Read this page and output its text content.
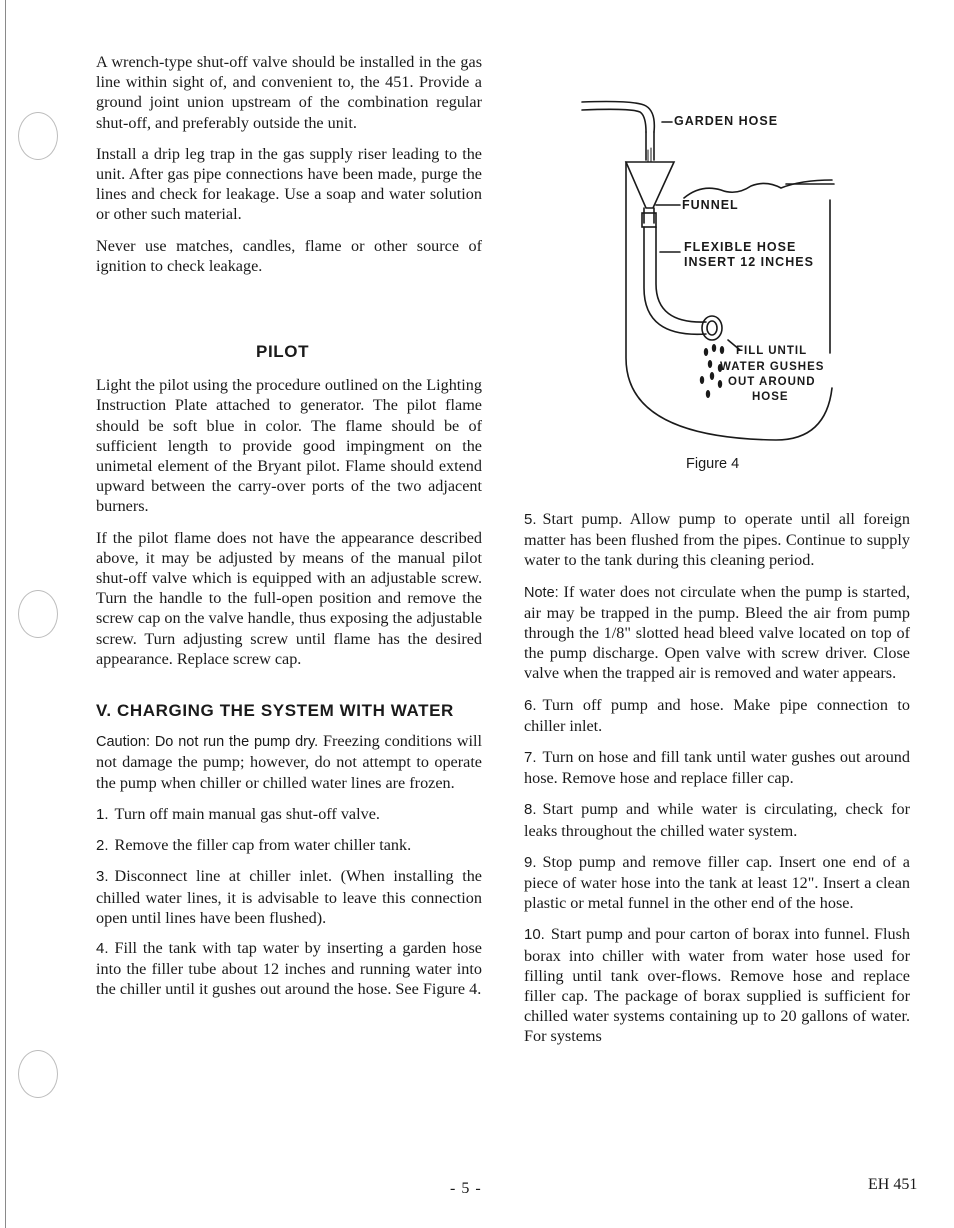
A wrench-type shut-off valve should be installed in the gas line within sight of, and convenient to, the 451. Provide a ground joint union upstream of the combination regular shut-off, and preferably outside the unit.

Install a drip leg trap in the gas supply riser leading to the unit. After gas pipe connections have been made, purge the lines and check for leakage. Use a soap and water solution or other such material.

Never use matches, candles, flame or other source of ignition to check leakage.

PILOT

Light the pilot using the procedure outlined on the Lighting Instruction Plate attached to generator. The pilot flame should be soft blue in color. The flame should be of sufficient length to provide good impingment on the unimetal element of the Bryant pilot. Flame should extend upward between the carry-over ports of the two adjacent burners.

If the pilot flame does not have the appearance described above, it may be adjusted by means of the manual pilot shut-off valve which is equipped with an adjustable screw. Turn the handle to the full-open position and remove the screw cap on the valve handle, thus exposing the adjustable screw. Turn adjusting screw until flame has the desired appearance. Replace screw cap.

V. CHARGING THE SYSTEM WITH WATER

Caution: Do not run the pump dry. Freezing conditions will not damage the pump; however, do not attempt to operate the pump when chiller or chilled water lines are frozen.

1. Turn off main manual gas shut-off valve.

2. Remove the filler cap from water chiller tank.

3. Disconnect line at chiller inlet. (When installing the chilled water lines, it is advisable to leave this connection open until lines have been flushed).

4. Fill the tank with tap water by inserting a garden hose into the filler tube about 12 inches and running water into the chiller until it gushes out around the hose. See Figure 4.

GARDEN HOSE
FUNNEL
FLEXIBLE HOSE
INSERT 12 INCHES
FILL UNTIL
WATER GUSHES
OUT AROUND
HOSE
Figure 4

5. Start pump. Allow pump to operate until all foreign matter has been flushed from the pipes. Continue to supply water to the tank during this cleaning period.

Note: If water does not circulate when the pump is started, air may be trapped in the pump. Bleed the air from pump through the 1/8" slotted head bleed valve located on top of the pump discharge. Open valve with screw driver. Close valve when the trapped air is removed and water appears.

6. Turn off pump and hose. Make pipe connection to chiller inlet.

7. Turn on hose and fill tank until water gushes out around hose. Remove hose and replace filler cap.

8. Start pump and while water is circulating, check for leaks throughout the chilled water system.

9. Stop pump and remove filler cap. Insert one end of a piece of water hose into the tank at least 12". Insert a clean plastic or metal funnel in the other end of the hose.

10. Start pump and pour carton of borax into funnel. Flush borax into chiller with water from water hose used for filling until tank over-flows. Remove hose and replace filler cap. The package of borax supplied is sufficient for chilled water systems containing up to 20 gallons of water. For systems

- 5 -	EH 451
